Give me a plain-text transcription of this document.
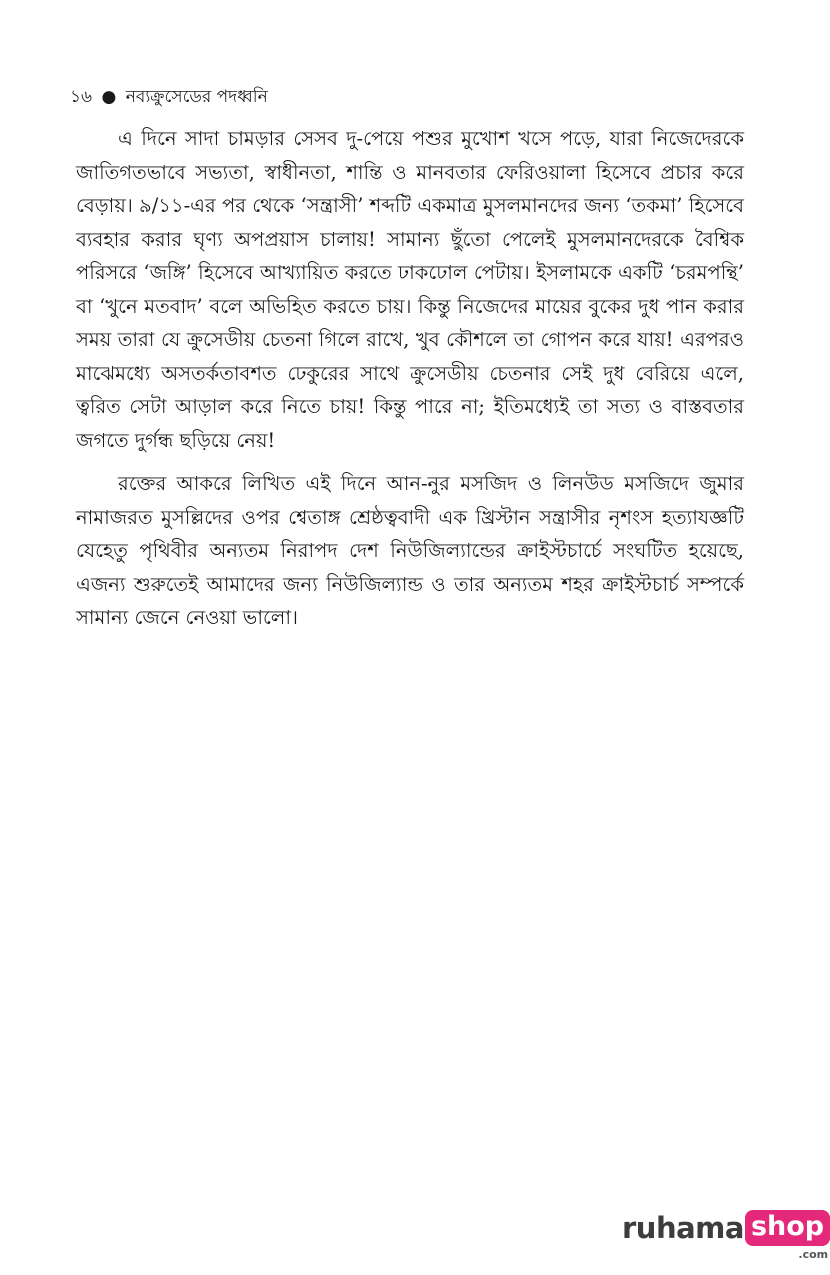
১৬ ● নব্যক্রুসেডের পদধ্বনি

এ দিনে সাদা চামড়ার সেসব দু-পেয়ে পশুর মুখোশ খসে পড়ে, যারা নিজেদেরকে জাতিগতভাবে সভ্যতা, স্বাধীনতা, শান্তি ও মানবতার ফেরিওয়ালা হিসেবে প্রচার করে বেড়ায়। ৯/১১-এর পর থেকে ‘সন্ত্রাসী’ শব্দটি একমাত্র মুসলমানদের জন্য ‘তকমা’ হিসেবে ব্যবহার করার ঘৃণ্য অপপ্রয়াস চালায়! সামান্য ছুঁতো পেলেই মুসলমানদেরকে বৈশ্বিক পরিসরে ‘জঙ্গি’ হিসেবে আখ্যায়িত করতে ঢাকঢোল পেটায়। ইসলামকে একটি ‘চরমপন্থি’ বা ‘খুনে মতবাদ’ বলে অভিহিত করতে চায়। কিন্তু নিজেদের মায়ের বুকের দুধ পান করার সময় তারা যে ক্রুসেডীয় চেতনা গিলে রাখে, খুব কৌশলে তা গোপন করে যায়! এরপরও মাঝেমধ্যে অসতর্কতাবশত ঢেকুরের সাথে ক্রুসেডীয় চেতনার সেই দুধ বেরিয়ে এলে, ত্বরিত সেটা আড়াল করে নিতে চায়! কিন্তু পারে না; ইতিমধ্যেই তা সত্য ও বাস্তবতার জগতে দুর্গন্ধ ছড়িয়ে নেয়!

রক্তের আকরে লিখিত এই দিনে আন-নুর মসজিদ ও লিনউড মসজিদে জুমার নামাজরত মুসল্লিদের ওপর শ্বেতাঙ্গ শ্রেষ্ঠত্ববাদী এক খ্রিস্টান সন্ত্রাসীর নৃশংস হত্যাযজ্ঞটি যেহেতু পৃথিবীর অন্যতম নিরাপদ দেশ নিউজিল্যান্ডের ক্রাইস্টচার্চে সংঘটিত হয়েছে, এজন্য শুরুতেই আমাদের জন্য নিউজিল্যান্ড ও তার অন্যতম শহর ক্রাইস্টচার্চ সম্পর্কে সামান্য জেনে নেওয়া ভালো।

ruhama shop
.com
